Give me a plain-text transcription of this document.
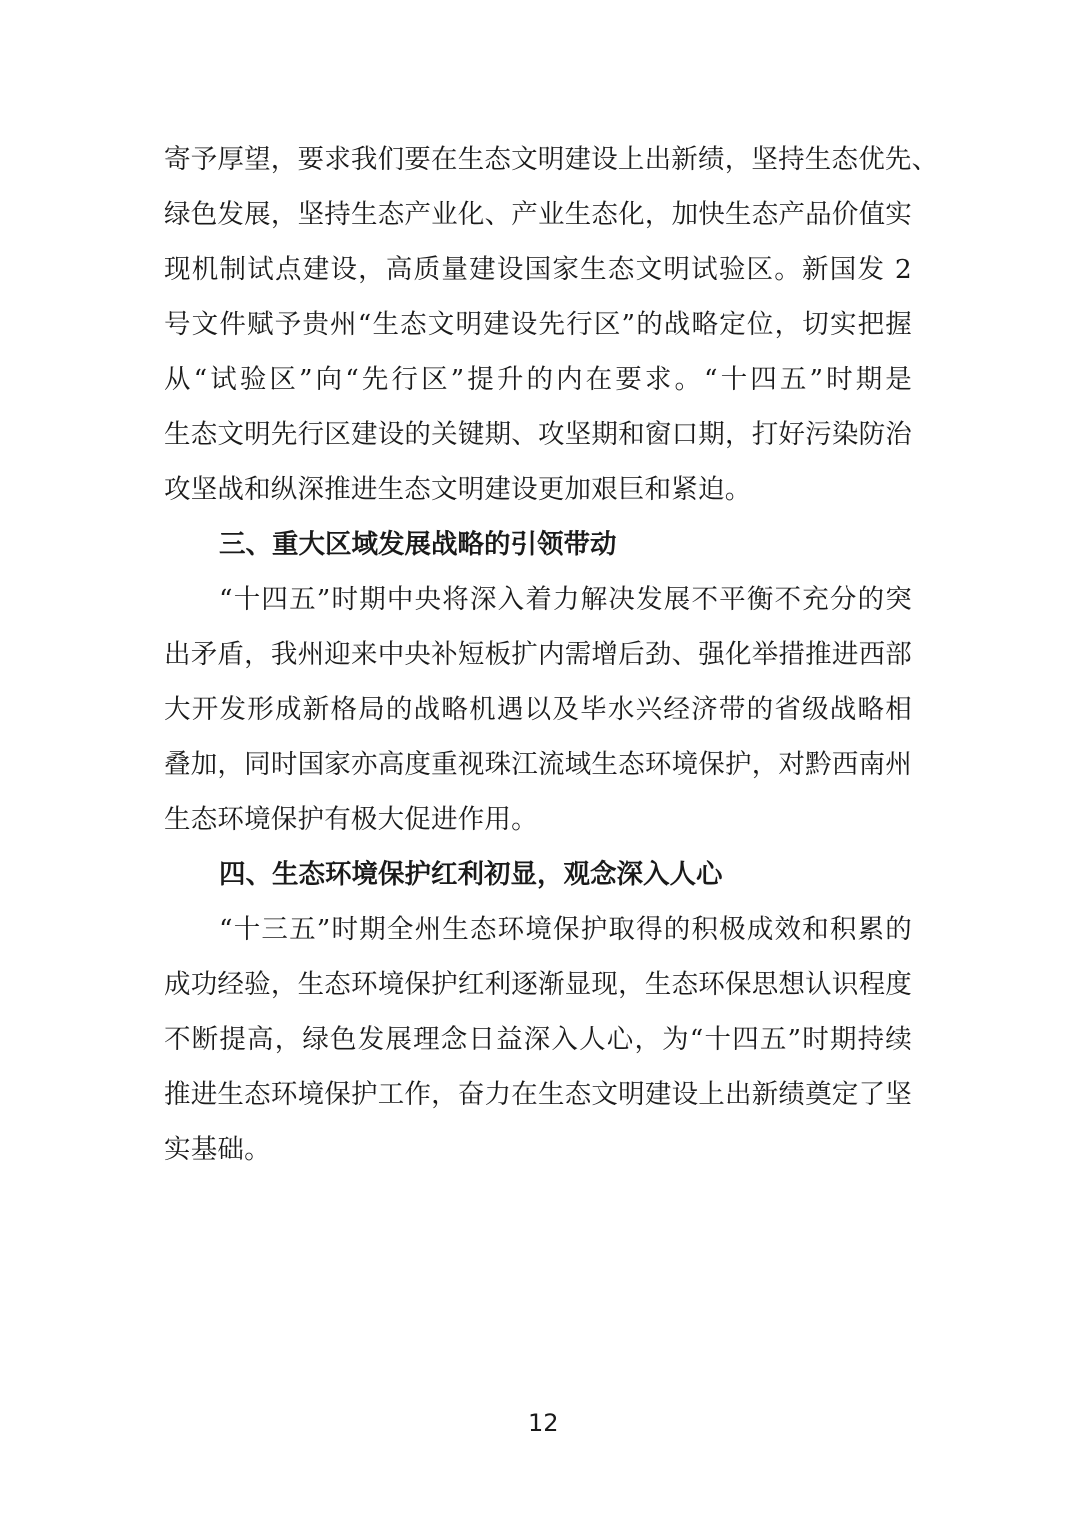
寄予厚望，要求我们要在生态文明建设上出新绩，坚持生态优先、
绿色发展，坚持生态产业化、产业生态化，加快生态产品价值实
现机制试点建设，高质量建设国家生态文明试验区。新国发 2
号文件赋予贵州“生态文明建设先行区”的战略定位，切实把握
从“试验区”向“先行区”提升的内在要求。“十四五”时期是
生态文明先行区建设的关键期、攻坚期和窗口期，打好污染防治
攻坚战和纵深推进生态文明建设更加艰巨和紧迫。
三、重大区域发展战略的引领带动
“十四五”时期中央将深入着力解决发展不平衡不充分的突
出矛盾，我州迎来中央补短板扩内需增后劲、强化举措推进西部
大开发形成新格局的战略机遇以及毕水兴经济带的省级战略相
叠加，同时国家亦高度重视珠江流域生态环境保护，对黔西南州
生态环境保护有极大促进作用。
四、生态环境保护红利初显，观念深入人心
“十三五”时期全州生态环境保护取得的积极成效和积累的
成功经验，生态环境保护红利逐渐显现，生态环保思想认识程度
不断提高，绿色发展理念日益深入人心，为“十四五”时期持续
推进生态环境保护工作，奋力在生态文明建设上出新绩奠定了坚
实基础。
12
